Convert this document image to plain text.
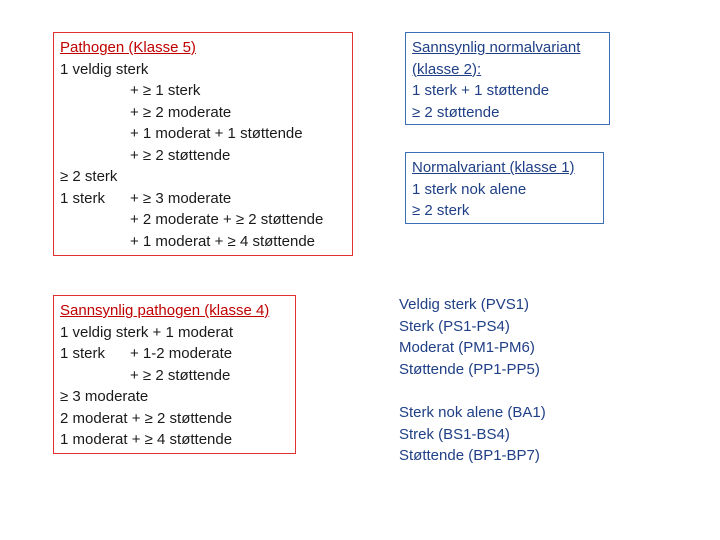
Pathogen (Klasse 5)
1 veldig sterk
+ ≥ 1 sterk
+ ≥ 2 moderate
+ 1 moderat + 1 støttende
+ ≥ 2 støttende
≥ 2 sterk
1 sterk	+ ≥ 3 moderate
+ 2 moderate + ≥ 2 støttende
+ 1 moderat + ≥ 4 støttende
Sannsynlig pathogen (klasse 4)
1 veldig sterk + 1 moderat
1 sterk	+ 1-2 moderate
+ ≥ 2 støttende
≥ 3 moderate
2 moderat + ≥ 2 støttende
1 moderat + ≥ 4 støttende
Sannsynlig normalvariant
(klasse 2):
1 sterk + 1 støttende
≥ 2 støttende
Normalvariant (klasse 1)
1 sterk nok alene
≥ 2 sterk
Veldig sterk (PVS1)
Sterk (PS1-PS4)
Moderat (PM1-PM6)
Støttende (PP1-PP5)
Sterk nok alene (BA1)
Strek (BS1-BS4)
Støttende (BP1-BP7)
